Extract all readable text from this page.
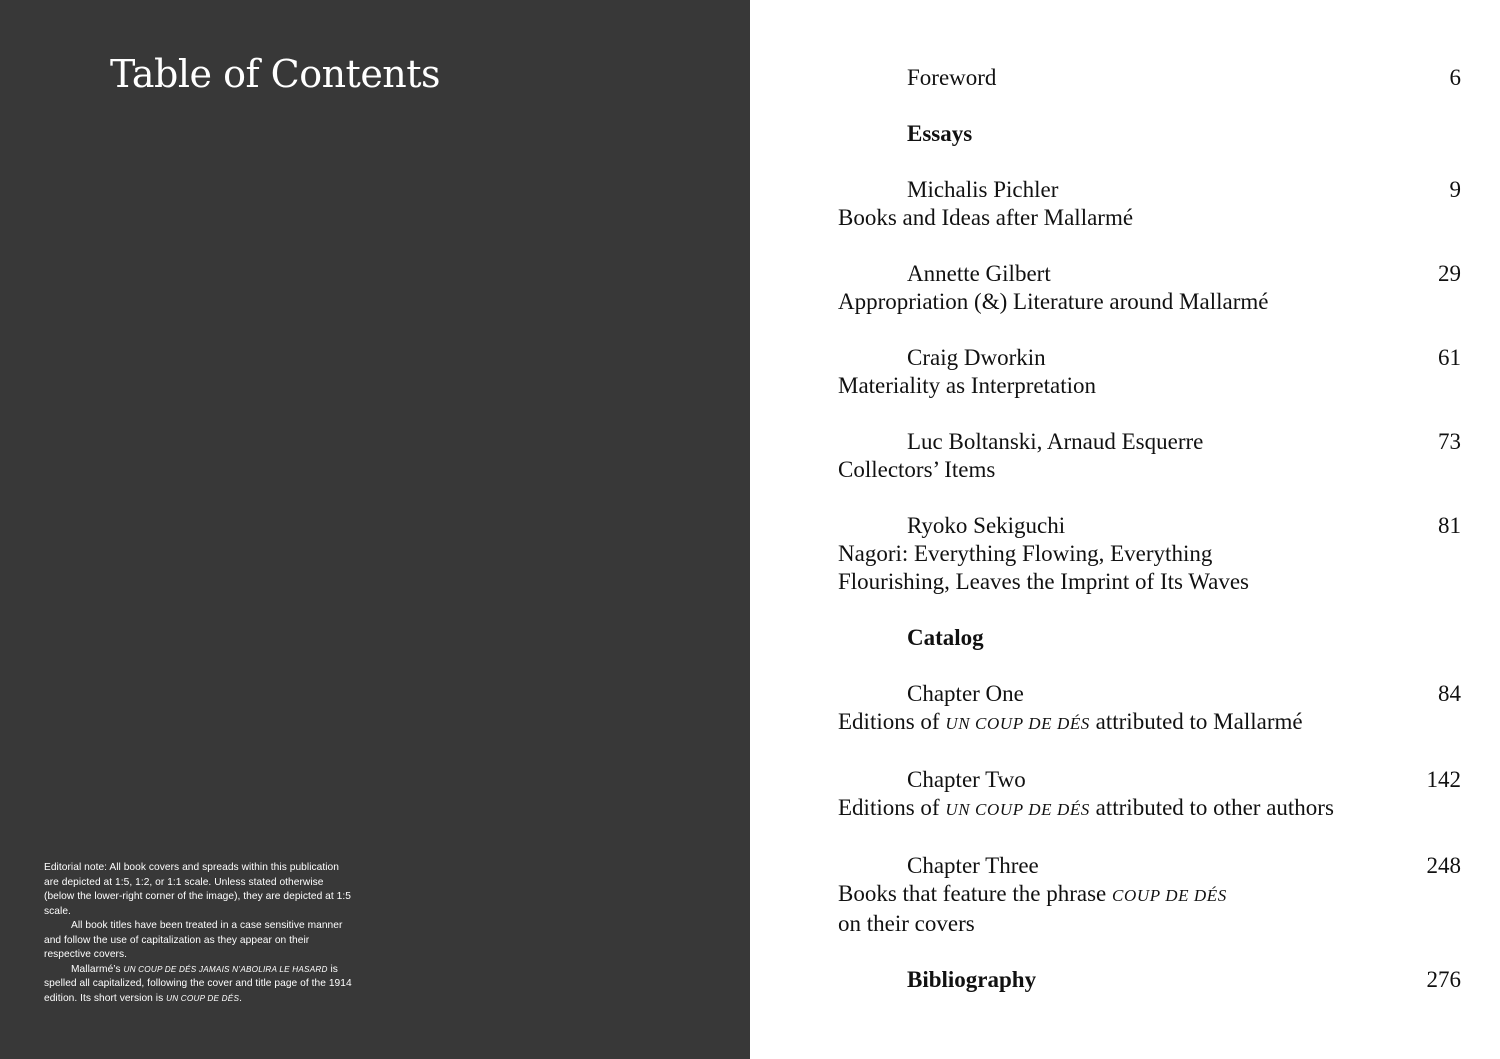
Table of Contents

Editorial note: All book covers and spreads within this publication are depicted at 1:5, 1:2, or 1:1 scale. Unless stated otherwise (below the lower-right corner of the image), they are depicted at 1:5 scale.

All book titles have been treated in a case sensitive manner and follow the use of capitalization as they appear on their respective covers.

Mallarmé’s UN COUP DE DÉS JAMAIS N’ABOLIRA LE HASARD is spelled all capitalized, following the cover and title page of the 1914 edition. Its short version is UN COUP DE DÉS.

Foreword	6
Essays
Michalis Pichler	9
Books and Ideas after Mallarmé
Annette Gilbert	29
Appropriation (&) Literature around Mallarmé
Craig Dworkin	61
Materiality as Interpretation
Luc Boltanski, Arnaud Esquerre	73
Collectors’ Items
Ryoko Sekiguchi	81
Nagori: Everything Flowing, Everything
Flourishing, Leaves the Imprint of Its Waves
Catalog
Chapter One	84
Editions of UN COUP DE DÉS attributed to Mallarmé
Chapter Two	142
Editions of UN COUP DE DÉS attributed to other authors
Chapter Three	248
Books that feature the phrase COUP DE DÉS
on their covers
Bibliography	276
